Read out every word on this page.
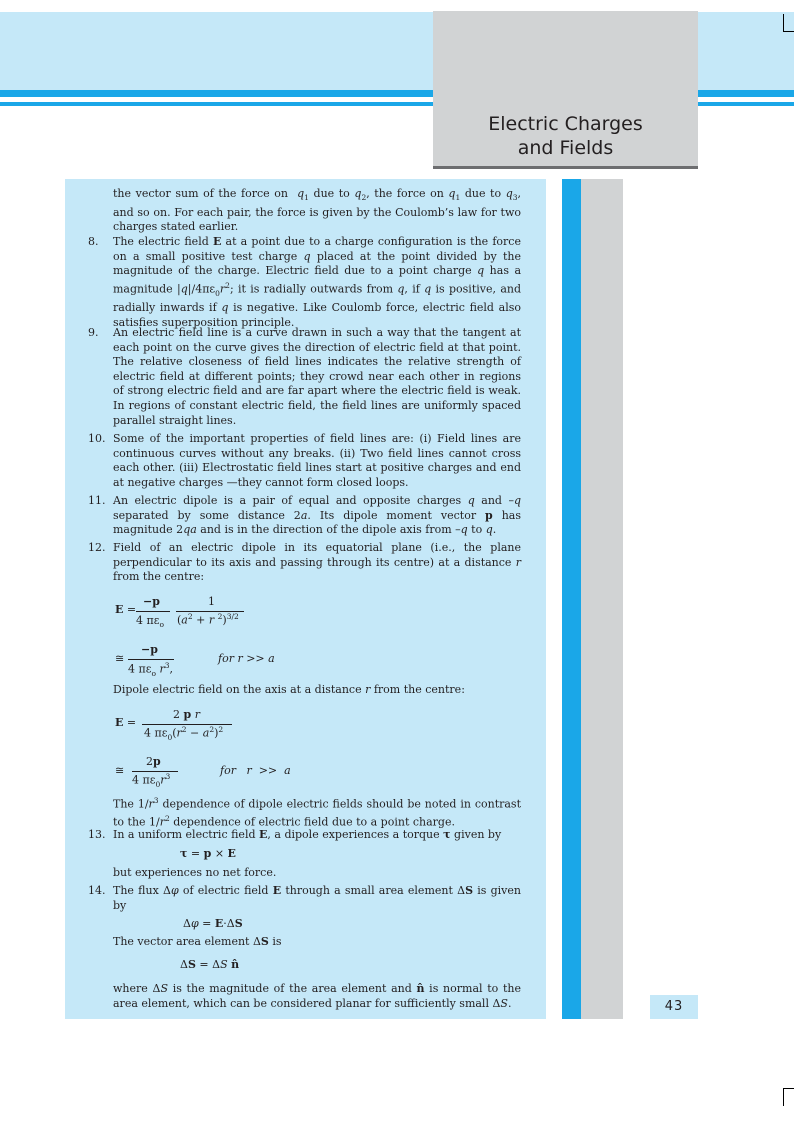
Electric Charges
and Fields
43
the vector sum of the force on  $q_1$ due to $q_2$, the force on $q_1$ due to $q_3$, and so on. For each pair, the force is given by the Coulomb’s law for two charges stated earlier.
8. The electric field E at a point due to a charge configuration is the force on a small positive test charge q placed at the point divided by the magnitude of the charge. Electric field due to a point charge q has a magnitude $|q|/4\pi\varepsilon_0r^2$; it is radially outwards from q, if q is positive, and radially inwards if q is negative. Like Coulomb force, electric field also satisfies superposition principle.
9. An electric field line is a curve drawn in such a way that the tangent at each point on the curve gives the direction of electric field at that point. The relative closeness of field lines indicates the relative strength of electric field at different points; they crowd near each other in regions of strong electric field and are far apart where the electric field is weak. In regions of constant electric field, the field lines are uniformly spaced parallel straight lines.
10. Some of the important properties of field lines are: (i) Field lines are continuous curves without any breaks. (ii) Two field lines cannot cross each other. (iii) Electrostatic field lines start at positive charges and end at negative charges —they cannot form closed loops.
11. An electric dipole is a pair of equal and opposite charges q and –q separated by some distance 2a. Its dipole moment vector p has magnitude 2qa and is in the direction of the dipole axis from –q to q.
12. Field of an electric dipole in its equatorial plane (i.e., the plane perpendicular to its axis and passing through its centre) at a distance r from the centre:
E =
−p
4 $\pi\varepsilon_o$
1
($a^2 + r$ $^2$)$^{3/2}$
≅
−p
4 $\pi\varepsilon_o$ $r^3$,
for r >> a
Dipole electric field on the axis at a distance r from the centre:
E =
2 p r
4 $\pi\varepsilon_0(r^2 - a^2)^2$
≅
2p
4 $\pi\varepsilon_0r^3$	for r  >>  a
The $1/r^3$ dependence of dipole electric fields should be noted in contrast to the $1/r^2$ dependence of electric field due to a point charge.
13. In a uniform electric field E, a dipole experiences a torque τ given by
τ = p × E
but experiences no net force.
14. The flux Δφ of electric field E through a small area element ΔS is given by
Δφ = E·ΔS
The vector area element ΔS is
ΔS = ΔS n̂
where ΔS is the magnitude of the area element and n̂ is normal to the area element, which can be considered planar for sufficiently small ΔS.
